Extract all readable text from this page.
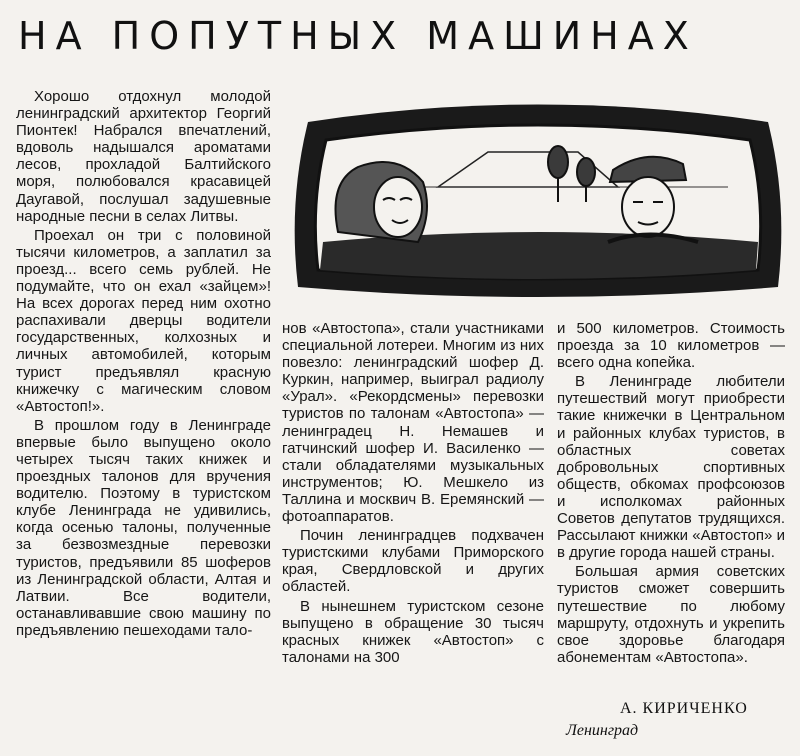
НА ПОПУТНЫХ МАШИНАХ

Хорошо отдохнул молодой ленинградский архитектор Георгий Пионтек! Набрался впечатлений, вдоволь надышался ароматами лесов, прохладой Балтийского моря, полюбовался красавицей Даугавой, послушал задушевные народные песни в селах Литвы.

Проехал он три с половиной тысячи километров, а заплатил за проезд... всего семь рублей. Не подумайте, что он ехал «зайцем»! На всех дорогах перед ним охотно распахивали дверцы водители государственных, колхозных и личных автомобилей, которым турист предъявлял красную книжечку с магическим словом «Автостоп!».

В прошлом году в Ленинграде впервые было выпущено около четырех тысяч таких книжек и проездных талонов для вручения водителю. Поэтому в туристском клубе Ленинграда не удивились, когда осенью талоны, полученные за безвозмездные перевозки туристов, предъявили 85 шоферов из Ленинградской области, Алтая и Латвии. Все водители, останавливавшие свою машину по предъявлению пешеходами тало-

нов «Автостопа», стали участниками специальной лотереи. Многим из них повезло: ленинградский шофер Д. Куркин, например, выиграл радиолу «Урал». «Рекордсмены» перевозки туристов по талонам «Автостопа» — ленинградец Н. Немашев и гатчинский шофер И. Василенко — стали обладателями музыкальных инструментов; Ю. Мешкело из Таллина и москвич В. Еремянский — фотоаппаратов.

Почин ленинградцев подхвачен туристскими клубами Приморского края, Свердловской и других областей.

В нынешнем туристском сезоне выпущено в обращение 30 тысяч красных книжек «Автостоп» с талонами на 300

и 500 километров. Стоимость проезда за 10 километров — всего одна копейка.

В Ленинграде любители путешествий могут приобрести такие книжечки в Центральном и районных клубах туристов, в областных советах добровольных спортивных обществ, обкомах профсоюзов и исполкомах районных Советов депутатов трудящихся. Рассылают книжки «Автостоп» и в другие города нашей страны.

Большая армия советских туристов сможет совершить путешествие по любому маршруту, отдохнуть и укрепить свое здоровье благодаря абонементам «Автостопа».

А. КИРИЧЕНКО
Ленинград
